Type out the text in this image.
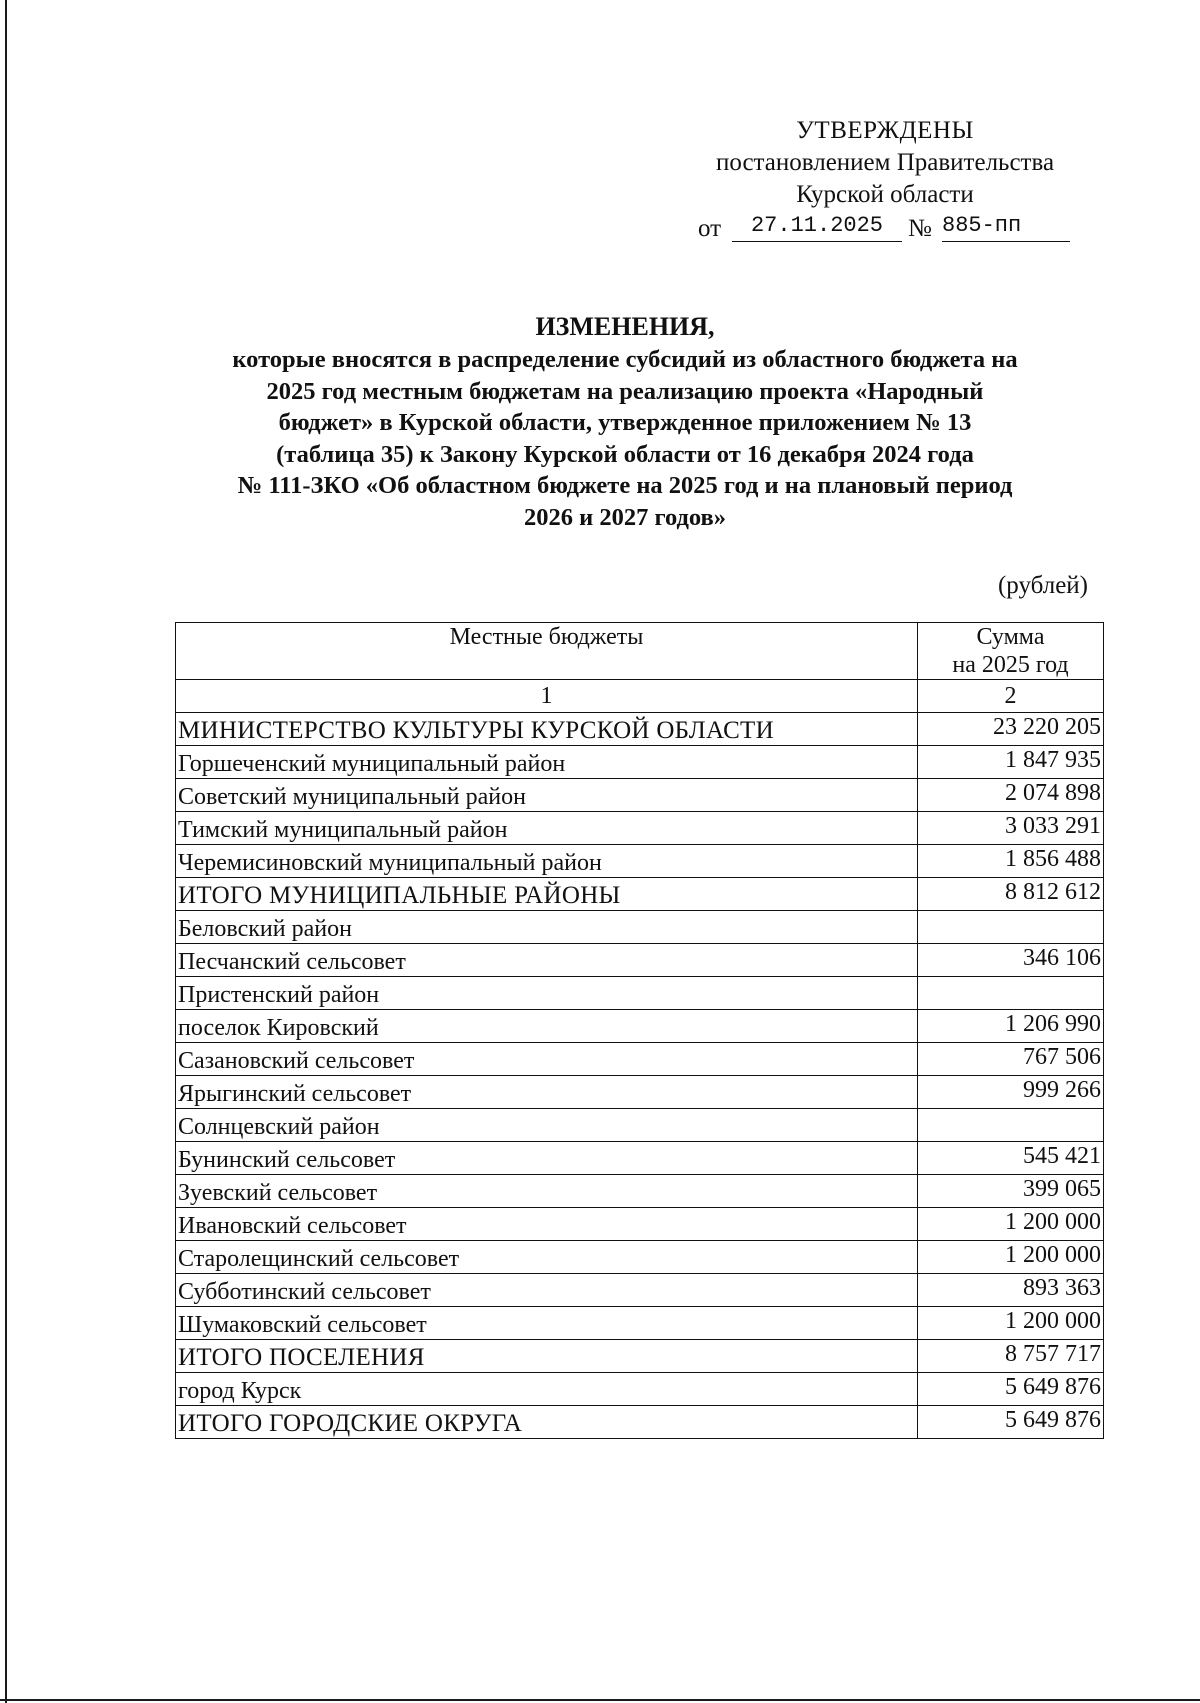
УТВЕРЖДЕНЫ
постановлением Правительства
Курской области
от	27.11.2025 № 885-пп
ИЗМЕНЕНИЯ,
которые вносятся в распределение субсидий из областного бюджета на
2025 год местным бюджетам на реализацию проекта «Народный
бюджет» в Курской области, утвержденное приложением № 13
(таблица 35) к Закону Курской области от 16 декабря 2024 года
№ 111-ЗКО «Об областном бюджете на 2025 год и на плановый период
2026 и 2027 годов»
(рублей)
Местные бюджеты	Сумма
на 2025 год
1	2
МИНИСТЕРСТВО КУЛЬТУРЫ КУРСКОЙ ОБЛАСТИ	23 220 205
Горшеченский муниципальный район	1 847 935
Советский муниципальный район	2 074 898
Тимский муниципальный район	3 033 291
Черемисиновский муниципальный район	1 856 488
ИТОГО МУНИЦИПАЛЬНЫЕ РАЙОНЫ	8 812 612
Беловский район	
Песчанский сельсовет	346 106
Пристенский район	
поселок Кировский	1 206 990
Сазановский сельсовет	767 506
Ярыгинский сельсовет	999 266
Солнцевский район	
Бунинский сельсовет	545 421
Зуевский сельсовет	399 065
Ивановский сельсовет	1 200 000
Старолещинский сельсовет	1 200 000
Субботинский сельсовет	893 363
Шумаковский сельсовет	1 200 000
ИТОГО ПОСЕЛЕНИЯ	8 757 717
город Курск	5 649 876
ИТОГО ГОРОДСКИЕ ОКРУГА	5 649 876
